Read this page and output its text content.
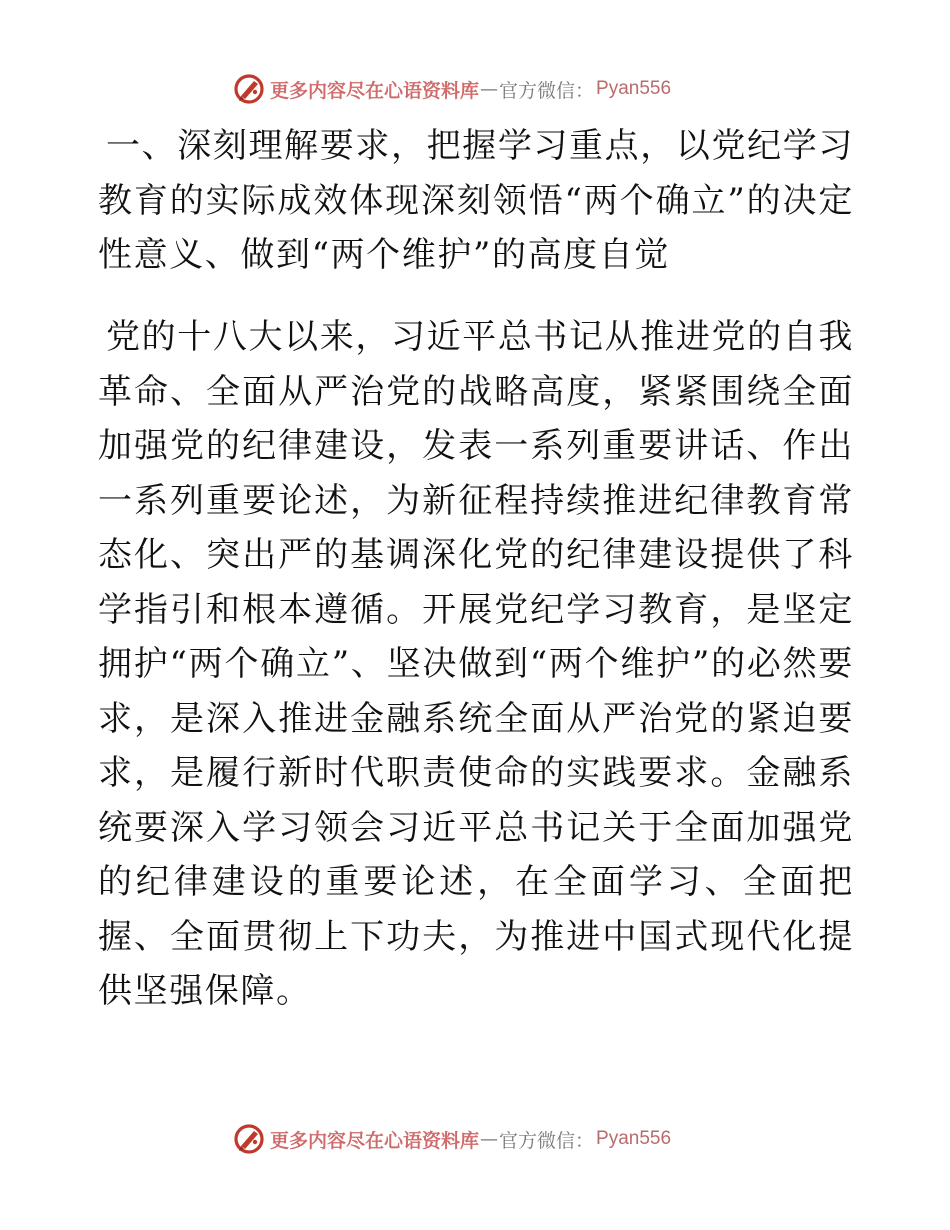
更多内容尽在心语资料库 — 官方微信： Pyan556
一、深刻理解要求，把握学习重点，以党纪学习教育的实际成效体现深刻领悟“两个确立”的决定性意义、做到“两个维护”的高度自觉
党的十八大以来，习近平总书记从推进党的自我革命、全面从严治党的战略高度，紧紧围绕全面加强党的纪律建设，发表一系列重要讲话、作出一系列重要论述，为新征程持续推进纪律教育常态化、突出严的基调深化党的纪律建设提供了科学指引和根本遵循。开展党纪学习教育，是坚定拥护“两个确立”、坚决做到“两个维护”的必然要求，是深入推进金融系统全面从严治党的紧迫要求，是履行新时代职责使命的实践要求。金融系统要深入学习领会习近平总书记关于全面加强党的纪律建设的重要论述，在全面学习、全面把握、全面贯彻上下功夫，为推进中国式现代化提供坚强保障。
更多内容尽在心语资料库 — 官方微信： Pyan556
